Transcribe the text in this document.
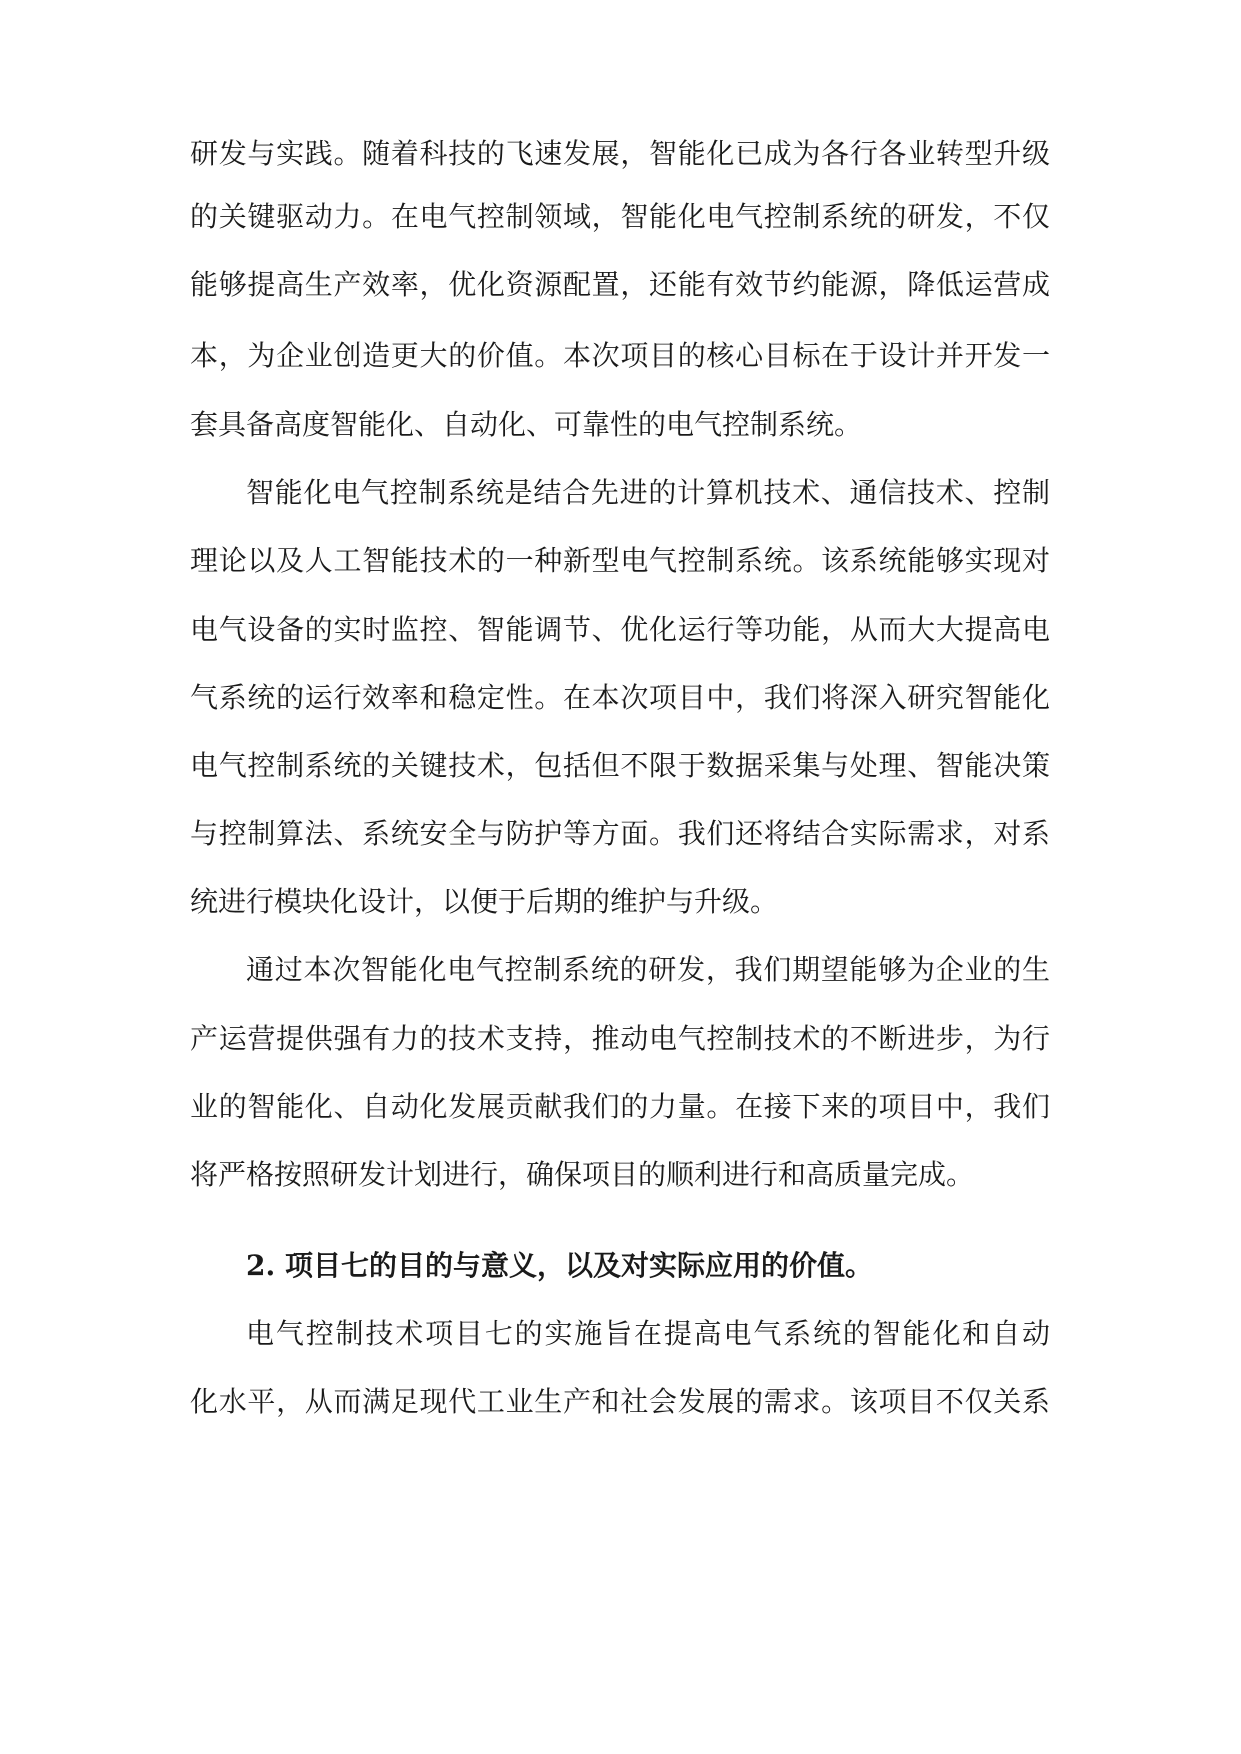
研发与实践。随着科技的飞速发展，智能化已成为各行各业转型升级
的关键驱动力。在电气控制领域，智能化电气控制系统的研发，不仅
能够提高生产效率，优化资源配置，还能有效节约能源，降低运营成
本，为企业创造更大的价值。本次项目的核心目标在于设计并开发一
套具备高度智能化、自动化、可靠性的电气控制系统。
智能化电气控制系统是结合先进的计算机技术、通信技术、控制
理论以及人工智能技术的一种新型电气控制系统。该系统能够实现对
电气设备的实时监控、智能调节、优化运行等功能，从而大大提高电
气系统的运行效率和稳定性。在本次项目中，我们将深入研究智能化
电气控制系统的关键技术，包括但不限于数据采集与处理、智能决策
与控制算法、系统安全与防护等方面。我们还将结合实际需求，对系
统进行模块化设计，以便于后期的维护与升级。
通过本次智能化电气控制系统的研发，我们期望能够为企业的生
产运营提供强有力的技术支持，推动电气控制技术的不断进步，为行
业的智能化、自动化发展贡献我们的力量。在接下来的项目中，我们
将严格按照研发计划进行，确保项目的顺利进行和高质量完成。
2. 项目七的目的与意义，以及对实际应用的价值。
电气控制技术项目七的实施旨在提高电气系统的智能化和自动
化水平，从而满足现代工业生产和社会发展的需求。该项目不仅关系
